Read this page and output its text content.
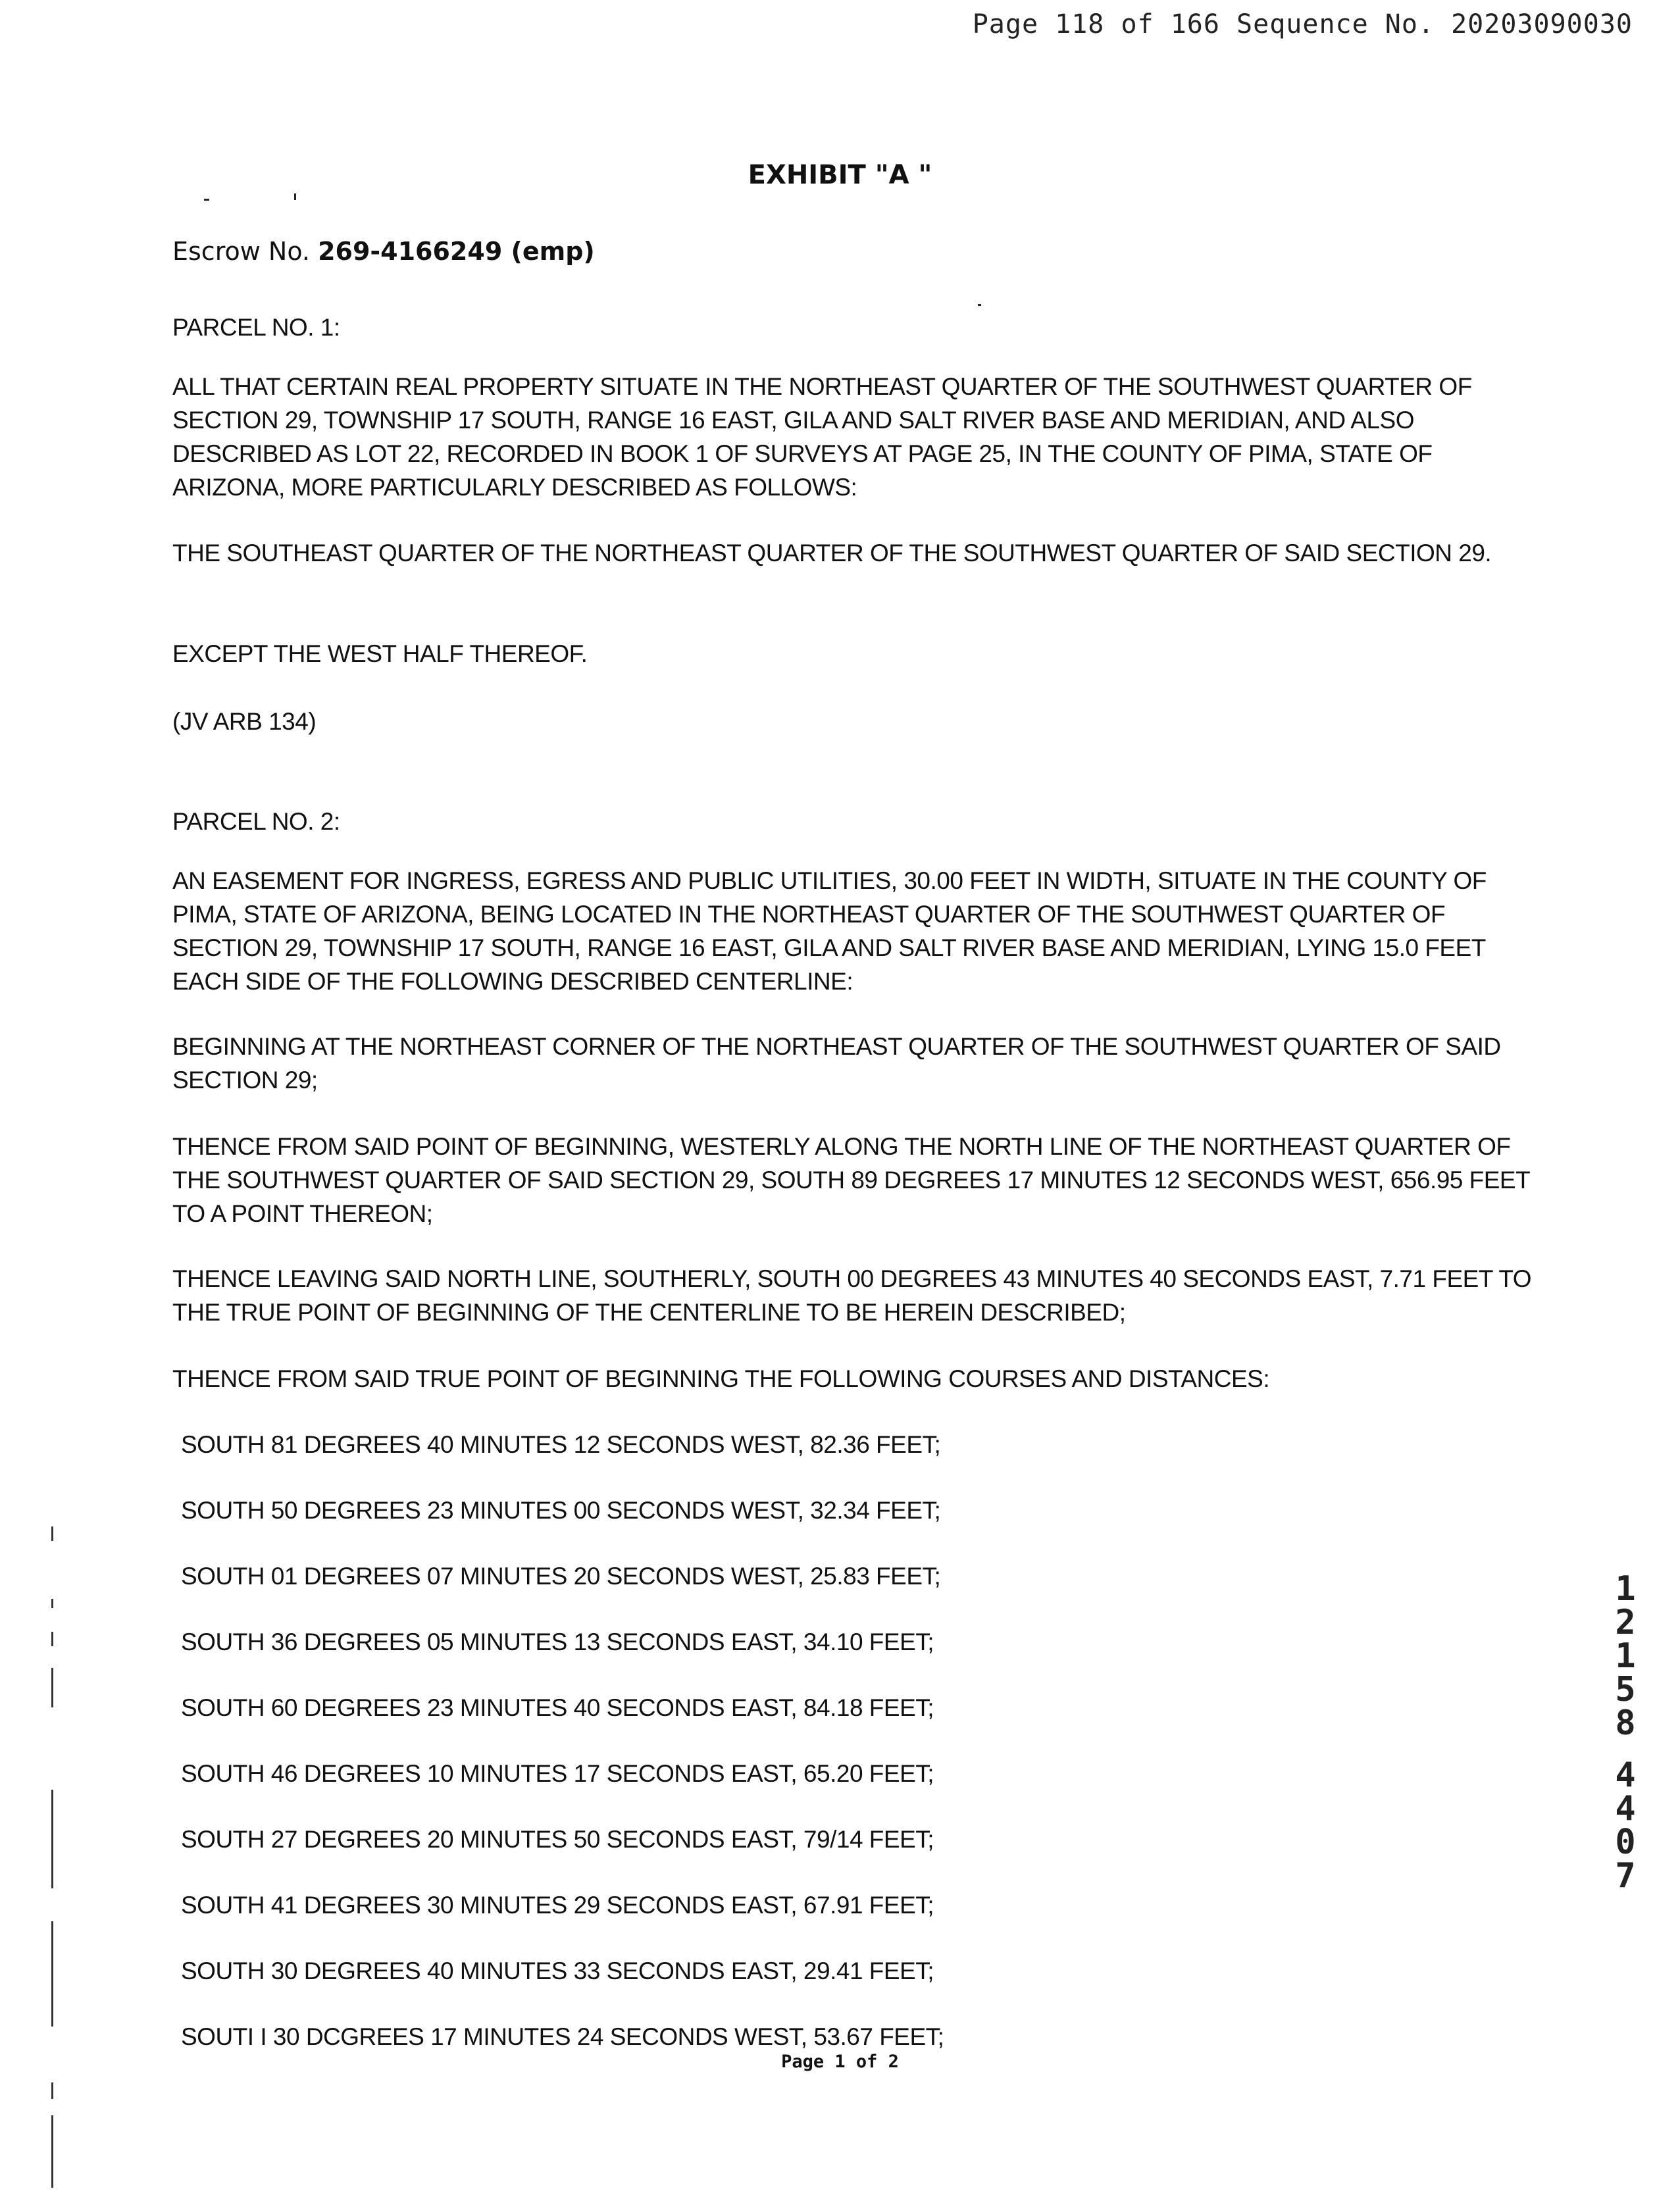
Page 118 of 166 Sequence No. 20203090030
EXHIBIT "A "
Escrow No. 269-4166249 (emp)

PARCEL NO. 1:

ALL THAT CERTAIN REAL PROPERTY SITUATE IN THE NORTHEAST QUARTER OF THE SOUTHWEST QUARTER OF SECTION 29, TOWNSHIP 17 SOUTH, RANGE 16 EAST, GILA AND SALT RIVER BASE AND MERIDIAN, AND ALSO DESCRIBED AS LOT 22, RECORDED IN BOOK 1 OF SURVEYS AT PAGE 25, IN THE COUNTY OF PIMA, STATE OF ARIZONA, MORE PARTICULARLY DESCRIBED AS FOLLOWS:

THE SOUTHEAST QUARTER OF THE NORTHEAST QUARTER OF THE SOUTHWEST QUARTER OF SAID SECTION 29.

EXCEPT THE WEST HALF THEREOF.

(JV ARB 134)

PARCEL NO. 2:

AN EASEMENT FOR INGRESS, EGRESS AND PUBLIC UTILITIES, 30.00 FEET IN WIDTH, SITUATE IN THE COUNTY OF PIMA, STATE OF ARIZONA, BEING LOCATED IN THE NORTHEAST QUARTER OF THE SOUTHWEST QUARTER OF SECTION 29, TOWNSHIP 17 SOUTH, RANGE 16 EAST, GILA AND SALT RIVER BASE AND MERIDIAN, LYING 15.0 FEET EACH SIDE OF THE FOLLOWING DESCRIBED CENTERLINE:

BEGINNING AT THE NORTHEAST CORNER OF THE NORTHEAST QUARTER OF THE SOUTHWEST QUARTER OF SAID SECTION 29;

THENCE FROM SAID POINT OF BEGINNING, WESTERLY ALONG THE NORTH LINE OF THE NORTHEAST QUARTER OF THE SOUTHWEST QUARTER OF SAID SECTION 29, SOUTH 89 DEGREES 17 MINUTES 12 SECONDS WEST, 656.95 FEET TO A POINT THEREON;

THENCE LEAVING SAID NORTH LINE, SOUTHERLY, SOUTH 00 DEGREES 43 MINUTES 40 SECONDS EAST, 7.71 FEET TO THE TRUE POINT OF BEGINNING OF THE CENTERLINE TO BE HEREIN DESCRIBED;

THENCE FROM SAID TRUE POINT OF BEGINNING THE FOLLOWING COURSES AND DISTANCES:

SOUTH 81 DEGREES 40 MINUTES 12 SECONDS WEST, 82.36 FEET;

SOUTH 50 DEGREES 23 MINUTES 00 SECONDS WEST, 32.34 FEET;

SOUTH 01 DEGREES 07 MINUTES 20 SECONDS WEST, 25.83 FEET;

SOUTH 36 DEGREES 05 MINUTES 13 SECONDS EAST, 34.10 FEET;

SOUTH 60 DEGREES 23 MINUTES 40 SECONDS EAST, 84.18 FEET;

SOUTH 46 DEGREES 10 MINUTES 17 SECONDS EAST, 65.20 FEET;

SOUTH 27 DEGREES 20 MINUTES 50 SECONDS EAST, 79/14 FEET;

SOUTH 41 DEGREES 30 MINUTES 29 SECONDS EAST, 67.91 FEET;

SOUTH 30 DEGREES 40 MINUTES 33 SECONDS EAST, 29.41 FEET;

SOUTI I 30 DCGREES 17 MINUTES 24 SECONDS WEST, 53.67 FEET;

Page 1 of 2
1
2
1
5
8
4
4
0
7
